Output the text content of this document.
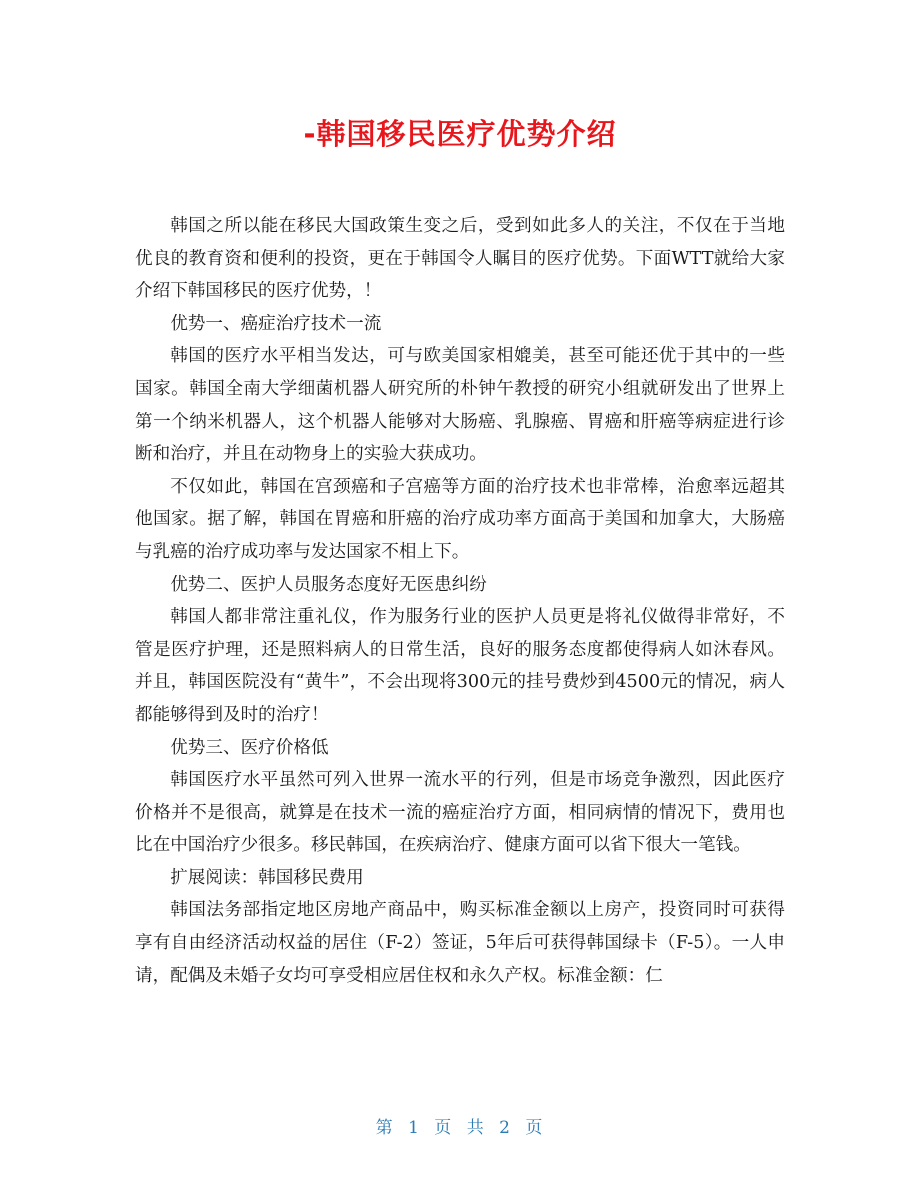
-韩国移民医疗优势介绍

韩国之所以能在移民大国政策生变之后，受到如此多人的关注，不仅在于当地优良的教育资和便利的投资，更在于韩国令人瞩目的医疗优势。下面WTT就给大家介绍下韩国移民的医疗优势，！

优势一、癌症治疗技术一流

韩国的医疗水平相当发达，可与欧美国家相媲美，甚至可能还优于其中的一些国家。韩国全南大学细菌机器人研究所的朴钟午教授的研究小组就研发出了世界上第一个纳米机器人，这个机器人能够对大肠癌、乳腺癌、胃癌和肝癌等病症进行诊断和治疗，并且在动物身上的实验大获成功。

不仅如此，韩国在宫颈癌和子宫癌等方面的治疗技术也非常棒，治愈率远超其他国家。据了解，韩国在胃癌和肝癌的治疗成功率方面高于美国和加拿大，大肠癌与乳癌的治疗成功率与发达国家不相上下。

优势二、医护人员服务态度好无医患纠纷

韩国人都非常注重礼仪，作为服务行业的医护人员更是将礼仪做得非常好，不管是医疗护理，还是照料病人的日常生活，良好的服务态度都使得病人如沐春风。并且，韩国医院没有“黄牛”，不会出现将300元的挂号费炒到4500元的情况，病人都能够得到及时的治疗！

优势三、医疗价格低

韩国医疗水平虽然可列入世界一流水平的行列，但是市场竞争激烈，因此医疗价格并不是很高，就算是在技术一流的癌症治疗方面，相同病情的情况下，费用也比在中国治疗少很多。移民韩国，在疾病治疗、健康方面可以省下很大一笔钱。

扩展阅读：韩国移民费用

韩国法务部指定地区房地产商品中，购买标准金额以上房产，投资同时可获得享有自由经济活动权益的居住（F-2）签证，5年后可获得韩国绿卡（F-5）。一人申请，配偶及未婚子女均可享受相应居住权和永久产权。标准金额：仁

第 1 页 共 2 页
